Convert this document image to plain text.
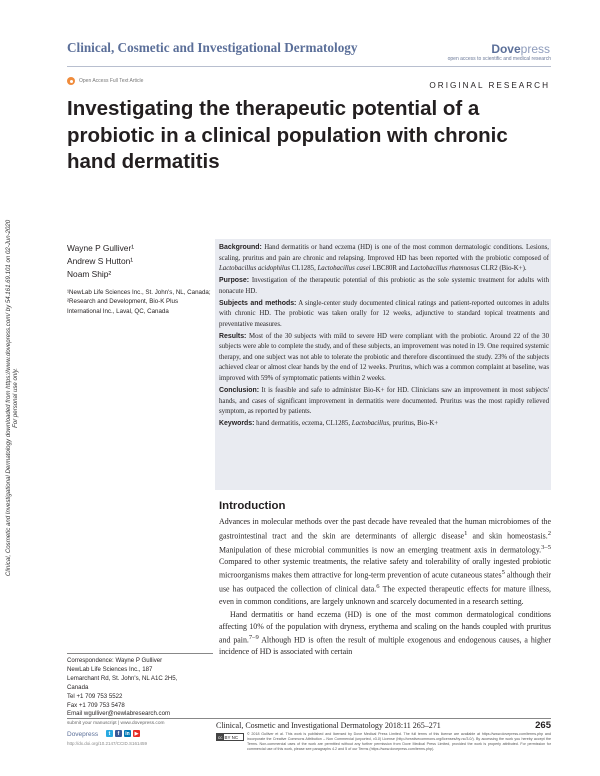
Clinical, Cosmetic and Investigational Dermatology downloaded from https://www.dovepress.com/ by 54.161.69.101 on 02-Jun-2020 For personal use only.
Clinical, Cosmetic and Investigational Dermatology	Dovepress
open access to scientific and medical research
Open Access Full Text Article	ORIGINAL RESEARCH
Investigating the therapeutic potential of a probiotic in a clinical population with chronic hand dermatitis
Wayne P Gulliver¹
Andrew S Hutton¹
Noam Ship²
¹NewLab Life Sciences Inc., St. John's, NL, Canada; ²Research and Development, Bio-K Plus International Inc., Laval, QC, Canada

Background: Hand dermatitis or hand eczema (HD) is one of the most common dermatologic conditions. Lesions, scaling, pruritus and pain are chronic and relapsing. Improved HD has been reported with the probiotic composed of Lactobacillus acidophilus CL1285, Lactobacillus casei LBC80R and Lactobacillus rhamnosus CLR2 (Bio-K+).

Purpose: Investigation of the therapeutic potential of this probiotic as the sole systemic treatment for adults with nonacute HD.

Subjects and methods: A single-center study documented clinical ratings and patient-reported outcomes in adults with chronic HD. The probiotic was taken orally for 12 weeks, adjunctive to standard topical treatments and preventative measures.

Results: Most of the 30 subjects with mild to severe HD were compliant with the probiotic. Around 22 of the 30 subjects were able to complete the study, and of these subjects, an improvement was noted in 19. One required systemic therapy, and one subject was not able to tolerate the probiotic and therefore discontinued the study. 23% of the subjects achieved clear or almost clear hands by the end of 12 weeks. Pruritus, which was a common complaint at baseline, was improved with 59% of symptomatic patients within 2 weeks.

Conclusion: It is feasible and safe to administer Bio-K+ for HD. Clinicians saw an improvement in most subjects' hands, and cases of significant improvement in dermatitis were documented. Pruritus was the most rapidly relieved symptom, as reported by patients.

Keywords: hand dermatitis, eczema, CL1285, Lactobacillus, pruritus, Bio-K+

Introduction

Advances in molecular methods over the past decade have revealed that the human microbiomes of the gastrointestinal tract and the skin are determinants of allergic disease$^1$ and skin homeostasis.$^2$ Manipulation of these microbial communities is now an emerging treatment axis in dermatology.$^{3-5}$ Compared to other systemic treatments, the relative safety and tolerability of orally ingested probiotic microorganisms makes them attractive for long-term prevention of acute cutaneous states$^5$ although their use has outpaced the collection of clinical data.$^6$ The expected therapeutic effects for mature illness, even in common conditions, are largely unknown and scarcely documented in a research setting.

Hand dermatitis or hand eczema (HD) is one of the most common dermatological conditions affecting 10% of the population with dryness, erythema and scaling on the hands coupled with pruritus and pain.$^{7-9}$ Although HD is often the result of multiple exogenous and endogenous causes, a higher incidence of HD is associated with certain

Correspondence: Wayne P Gulliver
NewLab Life Sciences Inc., 187
Lemarchant Rd, St. John's, NL A1C 2H5,
Canada
Tel +1 709 753 5522
Fax +1 709 753 5478
Email wgulliver@newlabresearch.com
submit your manuscript | www.dovepress.com
Dovepress	t	f	in ▶
http://dx.doi.org/10.2147/CCID.S161459
Clinical, Cosmetic and Investigational Dermatology 2018:11 265–271	265
cc BY NC
© 2018 Gulliver et al. This work is published and licensed by Dove Medical Press Limited. The full terms of this license are available at https://www.dovepress.com/terms.php and incorporate the Creative Commons Attribution – Non Commercial (unported, v3.0) License (http://creativecommons.org/licenses/by-nc/3.0/). By accessing the work you hereby accept the Terms. Non-commercial uses of the work are permitted without any further permission from Dove Medical Press Limited, provided the work is properly attributed. For permission for commercial use of this work, please see paragraphs 4.2 and 5 of our Terms (https://www.dovepress.com/terms.php).
